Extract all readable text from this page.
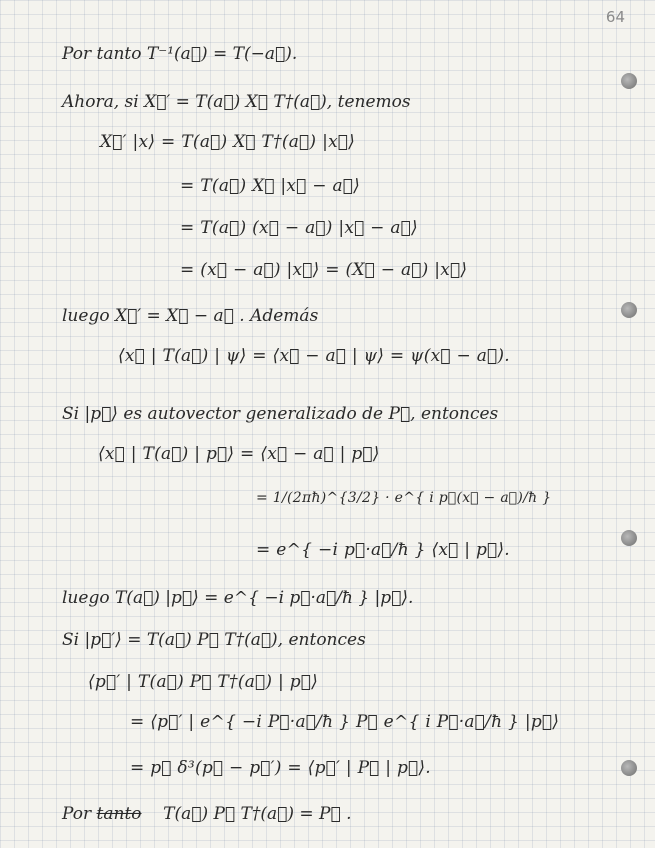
64
Por tanto T⁻¹(a⃗) = T(−a⃗).
Ahora, si X⃗′ = T(a⃗) X⃗ T†(a⃗), tenemos
X⃗′ |x⟩ = T(a⃗) X⃗ T†(a⃗) |x⃗⟩
= T(a⃗) X⃗ |x⃗ − a⃗⟩
= T(a⃗) (x⃗ − a⃗) |x⃗ − a⃗⟩
= (x⃗ − a⃗) |x⃗⟩ = (X⃗ − a⃗) |x⃗⟩
luego X⃗′ = X⃗ − a⃗ . Además
⟨x⃗ | T(a⃗) | ψ⟩ = ⟨x⃗ − a⃗ | ψ⟩ = ψ(x⃗ − a⃗).
Si |p⃗⟩ es autovector generalizado de P⃗, entonces
⟨x⃗ | T(a⃗) | p⃗⟩ = ⟨x⃗ − a⃗ | p⃗⟩
= 1/(2πħ)^{3/2} · e^{ i p⃗(x⃗ − a⃗)/ħ }
= e^{ −i p⃗·a⃗/ħ } ⟨x⃗ | p⃗⟩.
luego T(a⃗) |p⃗⟩ = e^{ −i p⃗·a⃗/ħ } |p⃗⟩.
Si |p⃗′⟩ = T(a⃗) P⃗ T†(a⃗), entonces
⟨p⃗′ | T(a⃗) P⃗ T†(a⃗) | p⃗⟩
= ⟨p⃗′ | e^{ −i P⃗·a⃗/ħ } P⃗ e^{ i P⃗·a⃗/ħ } |p⃗⟩
= p⃗ δ³(p⃗ − p⃗′) = ⟨p⃗′ | P⃗ | p⃗⟩.
Por tanto T(a⃗) P⃗ T†(a⃗) = P⃗ .
